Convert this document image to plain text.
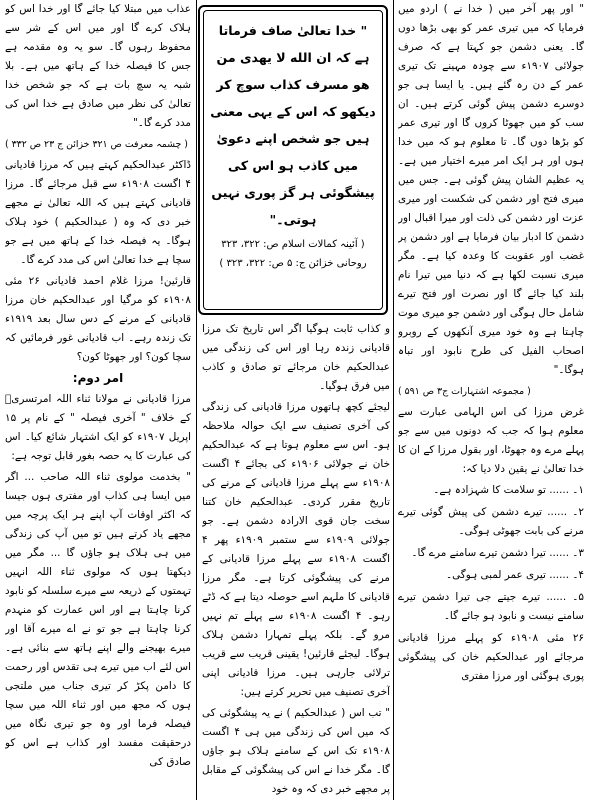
" اور پھر آخر میں ( خدا نے ) اردو میں فرمایا کہ میں تیری عمر کو بھی بڑھا دوں گا۔ یعنی دشمن جو کہتا ہے کہ صرف جولائی ۱۹۰۷ء سے چودہ مہینے تک تیری عمر کے دن رہ گئے ہیں۔ یا ایسا ہی جو دوسرے دشمن پیش گوئی کرتے ہیں۔ ان سب کو میں جھوٹا کروں گا اور تیری عمر کو بڑھا دوں گا۔ تا معلوم ہو کہ میں خدا ہوں اور ہر ایک امر میرے اختیار میں ہے۔ یہ عظیم الشان پیش گوئی ہے۔ جس میں میری فتح اور دشمن کی شکست اور میری عزت اور دشمن کی ذلت اور میرا اقبال اور دشمن کا ادبار بیان فرمایا ہے اور دشمن پر غضب اور عقوبت کا وعدہ کیا ہے۔ مگر میری نسبت لکھا ہے کہ دنیا میں تیرا نام بلند کیا جائے گا اور نصرت اور فتح تیرے شامل حال ہوگی اور دشمن جو میری موت چاہتا ہے وہ خود میری آنکھوں کے روبرو اصحاب الفیل کی طرح نابود اور تباہ ہوگا۔"

( مجموعہ اشتہارات ج۳ ص ۵۹۱ )

غرض مرزا کی اس الہامی عبارت سے معلوم ہوا کہ جب کہ دونوں میں سے جو پہلے مرے وہ جھوٹا، اور بقول مرزا کے ان کا خدا تعالیٰ نے یقین دلا دیا کہ:

۱۔ ...... تو سلامت کا شہزادہ ہے۔

۲۔ ...... تیرے دشمن کی پیش گوئی تیرے مرنے کی بابت جھوٹی ہوگی۔

۳۔ ...... تیرا دشمن تیرے سامنے مرے گا۔

۴۔ ...... تیری عمر لمبی ہوگی۔

۵۔ ...... تیرے جیتے جی تیرا دشمن تیرے سامنے نیست و نابود ہو جائے گا۔

۲۶ مئی ۱۹۰۸ء کو پہلے مرزا قادیانی مرجائے اور عبدالحکیم خان کی پیشگوئی پوری ہوگئی اور مرزا مفتری

" خدا تعالیٰ صاف فرماتا ہے کہ ان الله لا یهدی من هو مسرف کذاب سوچ کر دیکھو کہ اس کے یہی معنی ہیں جو شخص اپنے دعویٰ میں کاذب ہو اس کی پیشگوئی ہر گز پوری نہیں ہوتی۔"
( آئینہ کمالات اسلام ص: ۳۲۲، ۳۲۳ روحانی خزائن ج: ۵ ص: ۳۲۲، ۳۲۳ )

و کذاب ثابت ہوگیا اگر اس تاریخ تک مرزا قادیانی زندہ رہا اور اس کی زندگی میں عبدالحکیم خان مرجائے تو صادق و کاذب میں فرق ہوگیا۔

لیجئے کچھ ہاتھوں مرزا قادیانی کی زندگی کی آخری تصنیف سے ایک حوالہ ملاحظہ ہو۔ اس سے معلوم ہوتا ہے کہ عبدالحکیم خان نے جولائی ۱۹۰۶ء کی بجائے ۴ اگست ۱۹۰۸ء سے پہلے مرزا قادیانی کے مرنے کی تاریخ مقرر کردی۔ عبدالحکیم خان کتنا سخت جان قوی الارادہ دشمن ہے۔ جو جولائی ۱۹۰۹ء سے ستمبر ۱۹۰۹ء پھر ۴ اگست ۱۹۰۸ء سے پہلے مرزا قادیانی کے مرنے کی پیشگوئی کرتا ہے۔ مگر مرزا قادیانی کا ملہم اسے حوصلہ دیتا ہے کہ ڈٹے رہو۔ ۴ اگست ۱۹۰۸ء سے پہلے تم نہیں مرو گے۔ بلکہ پہلے تمہارا دشمن ہلاک ہوگا۔ لیجئے قارئین! یقینی قریب سے قریب ترلائی جارہی ہیں۔ مرزا قادیانی اپنی آخری تصنیف میں تحریر کرتے ہیں:

" تب اس ( عبدالحکیم ) نے یہ پیشگوئی کی کہ میں اس کی زندگی میں ہی ۴ اگست ۱۹۰۸ء تک اس کے سامنے ہلاک ہو جاؤں گا۔ مگر خدا نے اس کی پیشگوئی کے مقابل پر مجھے خبر دی کہ وہ خود

عذاب میں مبتلا کیا جائے گا اور خدا اس کو ہلاک کرے گا اور میں اس کے شر سے محفوظ رہوں گا۔ سو یہ وہ مقدمہ ہے جس کا فیصلہ خدا کے ہاتھ میں ہے۔ بلا شبہ یہ سچ بات ہے کہ جو شخص خدا تعالیٰ کی نظر میں صادق ہے خدا اس کی مدد کرے گا۔"

( چشمہ معرفت ص ۳۲۱ خزائن ج ۲۳ ص ۳۳۲ )

ڈاکٹر عبدالحکیم کہتے ہیں کہ مرزا قادیانی ۴ اگست ۱۹۰۸ء سے قبل مرجائے گا۔ مرزا قادیانی کہتے ہیں کہ اللہ تعالیٰ نے مجھے خبر دی کہ وہ ( عبدالحکیم ) خود ہلاک ہوگا۔ یہ فیصلہ خدا کے ہاتھ میں ہے جو سچا ہے خدا تعالیٰ اس کی مدد کرے گا۔

قارئین! مرزا غلام احمد قادیانی ۲۶ مئی ۱۹۰۸ء کو مرگیا اور عبدالحکیم خان مرزا قادیانی کے مرنے کے دس سال بعد ۱۹۱۹ء تک زندہ رہے۔ اب قادیانی غور فرمائیں کہ سچا کون؟ اور جھوٹا کون؟

امر دوم:

مرزا قادیانی نے مولانا ثناء اللہ امرتسریؒ کے خلاف " آخری فیصلہ " کے نام پر ۱۵ اپریل ۱۹۰۷ء کو ایک اشتہار شائع کیا۔ اس کی عبارت کا یہ حصہ بغور قابل توجہ ہے:

" بخدمت مولوی ثناء اللہ صاحب ... اگر میں ایسا ہی کذاب اور مفتری ہوں جیسا کہ اکثر اوقات آپ اپنے ہر ایک پرچہ میں مجھے یاد کرتے ہیں تو میں آپ کی زندگی میں ہی ہلاک ہو جاؤں گا ... مگر میں دیکھتا ہوں کہ مولوی ثناء اللہ انہیں تہمتوں کے ذریعہ سے میرے سلسلہ کو نابود کرنا چاہتا ہے اور اس عمارت کو منہدم کرنا چاہتا ہے جو تو نے اے میرے آقا اور میرے بھیجنے والے اپنے ہاتھ سے بنائی ہے۔ اس لئے اب میں تیرے ہی تقدس اور رحمت کا دامن پکڑ کر تیری جناب میں ملتجی ہوں کہ مجھ میں اور ثناء اللہ میں سچا فیصلہ فرما اور وہ جو تیری نگاہ میں درحقیقت مفسد اور کذاب ہے اس کو صادق کی
